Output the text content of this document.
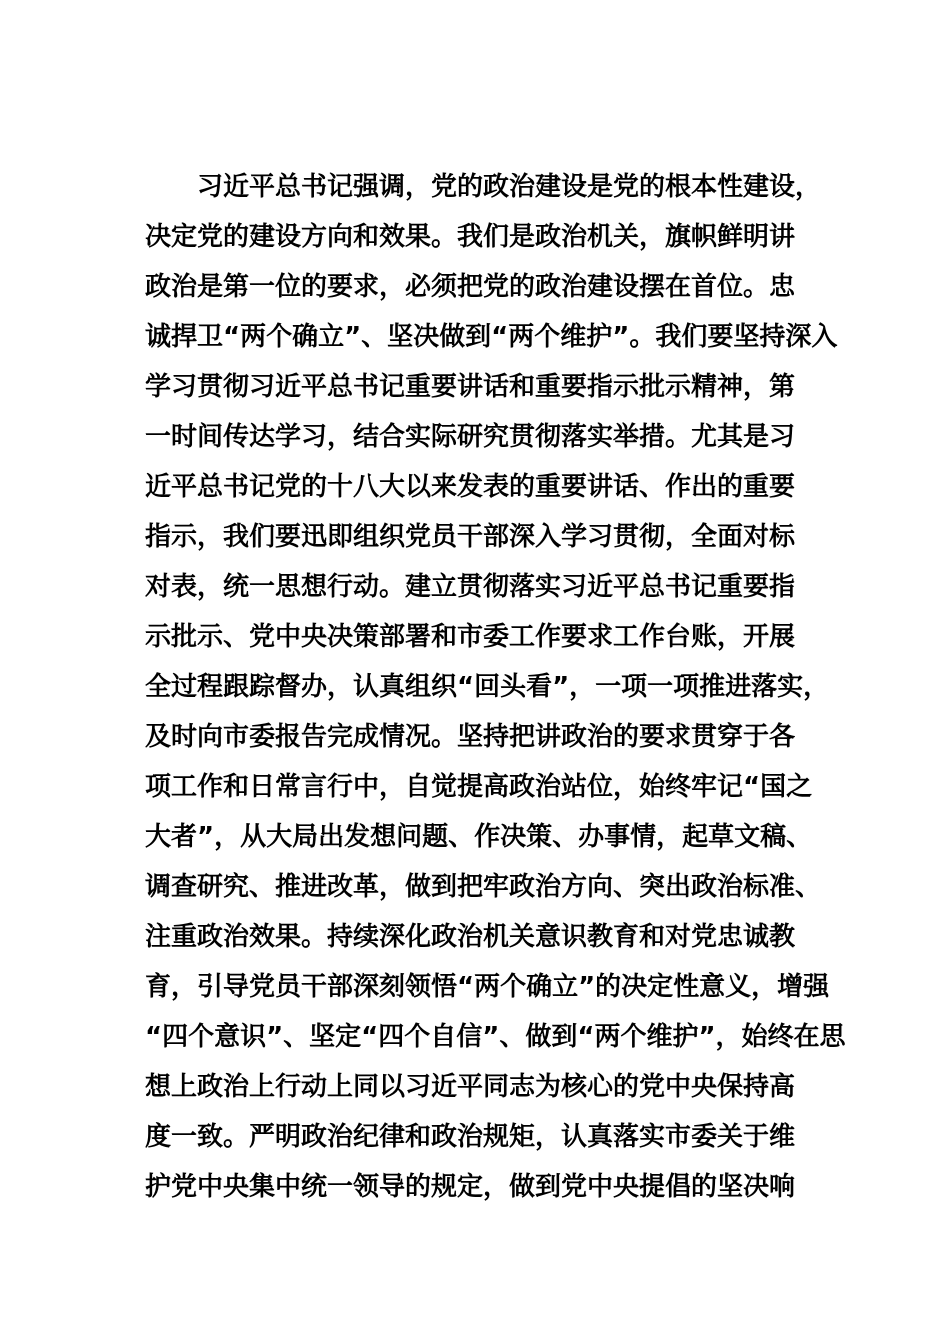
习近平总书记强调，党的政治建设是党的根本性建设，
决定党的建设方向和效果。我们是政治机关，旗帜鲜明讲
政治是第一位的要求，必须把党的政治建设摆在首位。忠
诚捍卫“两个确立”、坚决做到“两个维护”。我们要坚持深入
学习贯彻习近平总书记重要讲话和重要指示批示精神，第
一时间传达学习，结合实际研究贯彻落实举措。尤其是习
近平总书记党的十八大以来发表的重要讲话、作出的重要
指示，我们要迅即组织党员干部深入学习贯彻，全面对标
对表，统一思想行动。建立贯彻落实习近平总书记重要指
示批示、党中央决策部署和市委工作要求工作台账，开展
全过程跟踪督办，认真组织“回头看”，一项一项推进落实，
及时向市委报告完成情况。坚持把讲政治的要求贯穿于各
项工作和日常言行中，自觉提高政治站位，始终牢记“国之
大者”，从大局出发想问题、作决策、办事情，起草文稿、
调查研究、推进改革，做到把牢政治方向、突出政治标准、
注重政治效果。持续深化政治机关意识教育和对党忠诚教
育，引导党员干部深刻领悟“两个确立”的决定性意义，增强
“四个意识”、坚定“四个自信”、做到“两个维护”，始终在思
想上政治上行动上同以习近平同志为核心的党中央保持高
度一致。严明政治纪律和政治规矩，认真落实市委关于维
护党中央集中统一领导的规定，做到党中央提倡的坚决响
